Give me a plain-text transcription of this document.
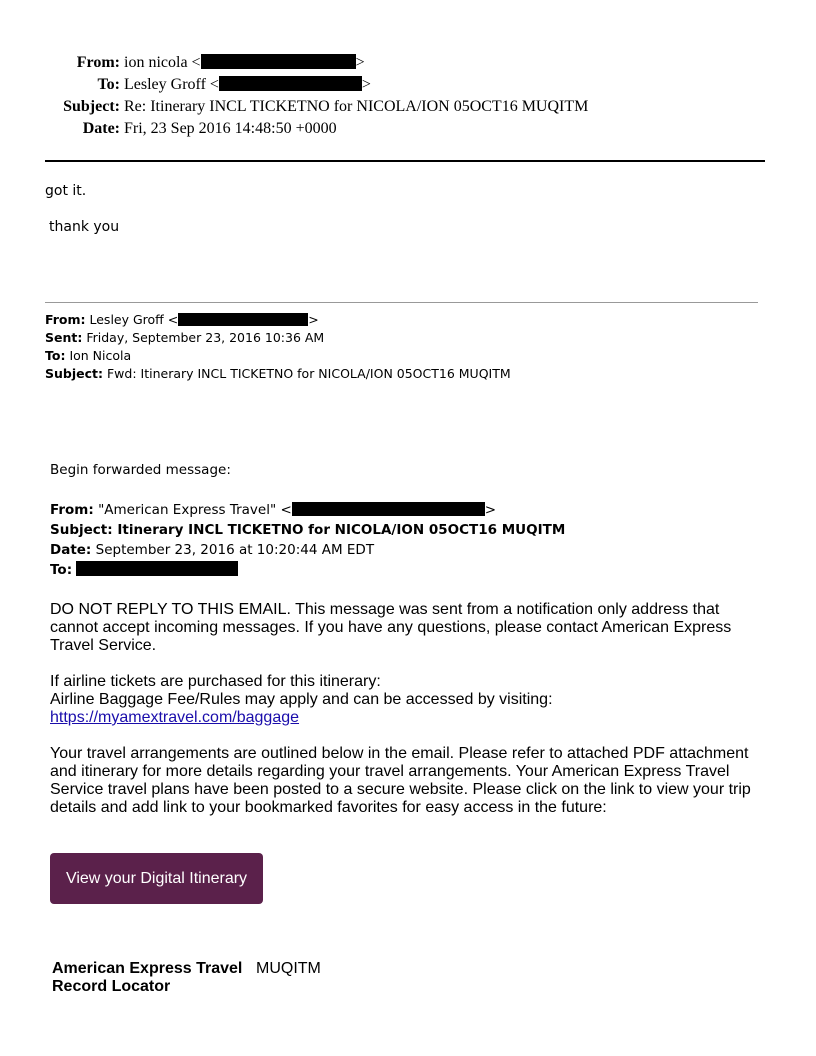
From: ion nicola <	>
To: Lesley Groff <	>
Subject: Re: Itinerary INCL TICKETNO for NICOLA/ION 05OCT16 MUQITM
Date: Fri, 23 Sep 2016 14:48:50 +0000
got it.
thank you
From: Lesley Groff <	>
Sent: Friday, September 23, 2016 10:36 AM
To: Ion Nicola
Subject: Fwd: Itinerary INCL TICKETNO for NICOLA/ION 05OCT16 MUQITM
Begin forwarded message:
From: "American Express Travel" <	>
Subject: Itinerary INCL TICKETNO for NICOLA/ION 05OCT16 MUQITM
Date: September 23, 2016 at 10:20:44 AM EDT
To:
DO NOT REPLY TO THIS EMAIL. This message was sent from a notification only address that cannot accept incoming messages. If you have any questions, please contact American Express Travel Service.
If airline tickets are purchased for this itinerary:
Airline Baggage Fee/Rules may apply and can be accessed by visiting:
https://myamextravel.com/baggage
Your travel arrangements are outlined below in the email. Please refer to attached PDF attachment and itinerary for more details regarding your travel arrangements. Your American Express Travel Service travel plans have been posted to a secure website. Please click on the link to view your trip details and add link to your bookmarked favorites for easy access in the future:
View your Digital Itinerary
American Express Travel
Record Locator
MUQITM
